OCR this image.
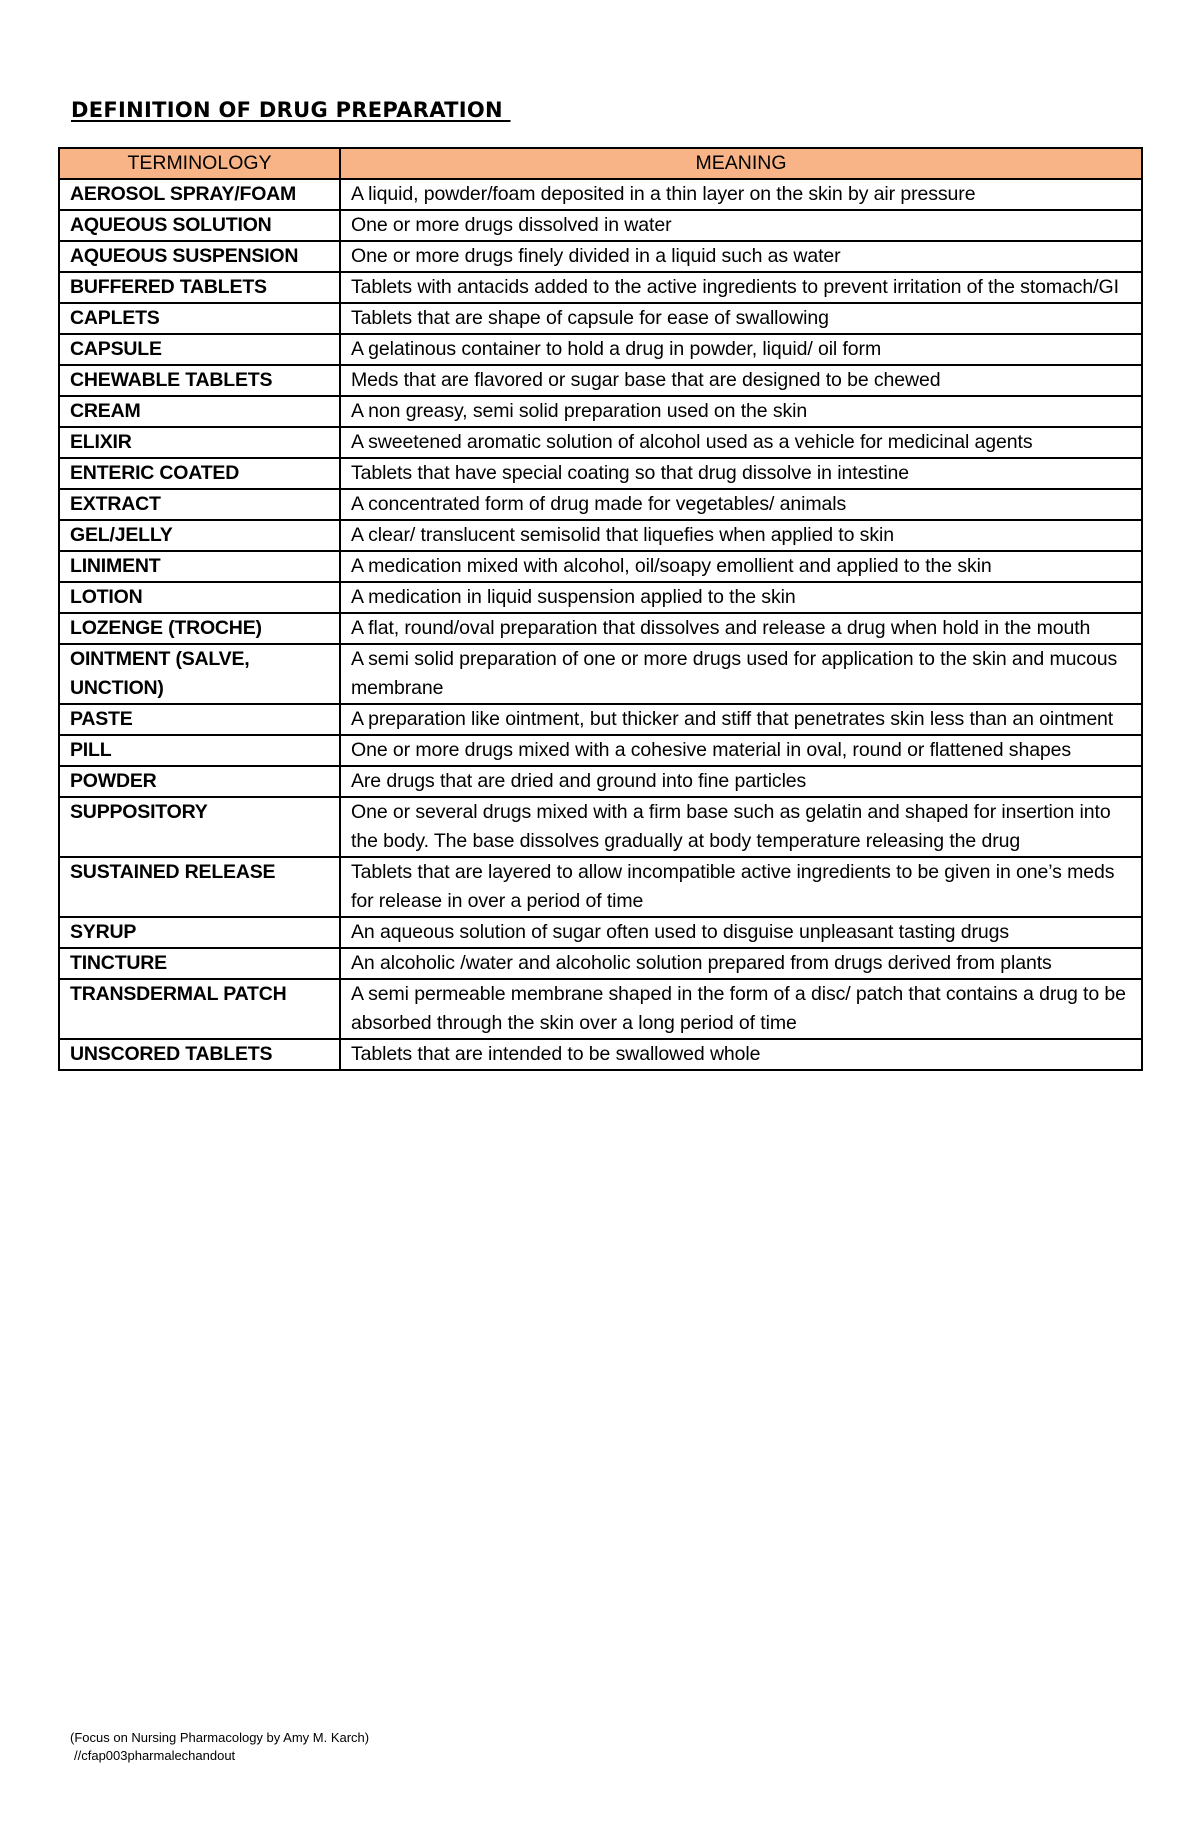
DEFINITION OF DRUG PREPARATION
TERMINOLOGY	MEANING
AEROSOL SPRAY/FOAM	A liquid, powder/foam deposited in a thin layer on the skin by air pressure
AQUEOUS SOLUTION	One or more drugs dissolved in water
AQUEOUS SUSPENSION	One or more drugs finely divided in a liquid such as water
BUFFERED TABLETS	Tablets with antacids added to the active ingredients to prevent irritation of the stomach/GI
CAPLETS	Tablets that are shape of capsule for ease of swallowing
CAPSULE	A gelatinous container to hold a drug in powder, liquid/ oil form
CHEWABLE TABLETS	Meds that are flavored or sugar base that are designed to be chewed
CREAM	A non greasy, semi solid preparation used on the skin
ELIXIR	A sweetened aromatic solution of alcohol used as a vehicle for medicinal agents
ENTERIC COATED	Tablets that have special coating so that drug dissolve in intestine
EXTRACT	A concentrated form of drug made for vegetables/ animals
GEL/JELLY	A clear/ translucent semisolid that liquefies when applied to skin
LINIMENT	A medication mixed with alcohol, oil/soapy emollient and applied to the skin
LOTION	A medication in liquid suspension applied to the skin
LOZENGE (TROCHE)	A flat, round/oval preparation that dissolves and release a drug when hold in the mouth
OINTMENT (SALVE, UNCTION)	A semi solid preparation of one or more drugs used for application to the skin and mucous membrane
PASTE	A preparation like ointment, but thicker and stiff that penetrates skin less than an ointment
PILL	One or more drugs mixed with a cohesive material in oval, round or flattened shapes
POWDER	Are drugs that are dried and ground into fine particles
SUPPOSITORY	One or several drugs mixed with a firm base such as gelatin and shaped for insertion into the body. The base dissolves gradually at body temperature releasing the drug
SUSTAINED RELEASE	Tablets that are layered to allow incompatible active ingredients to be given in one’s meds for release in over a period of time
SYRUP	An aqueous solution of sugar often used to disguise unpleasant tasting drugs
TINCTURE	An alcoholic /water and alcoholic solution prepared from drugs derived from plants
TRANSDERMAL PATCH	A semi permeable membrane shaped in the form of a disc/ patch that contains a drug to be absorbed through the skin over a long period of time
UNSCORED TABLETS	Tablets that are intended to be swallowed whole
(Focus on Nursing Pharmacology by Amy M. Karch)
//cfap003pharmalechandout
